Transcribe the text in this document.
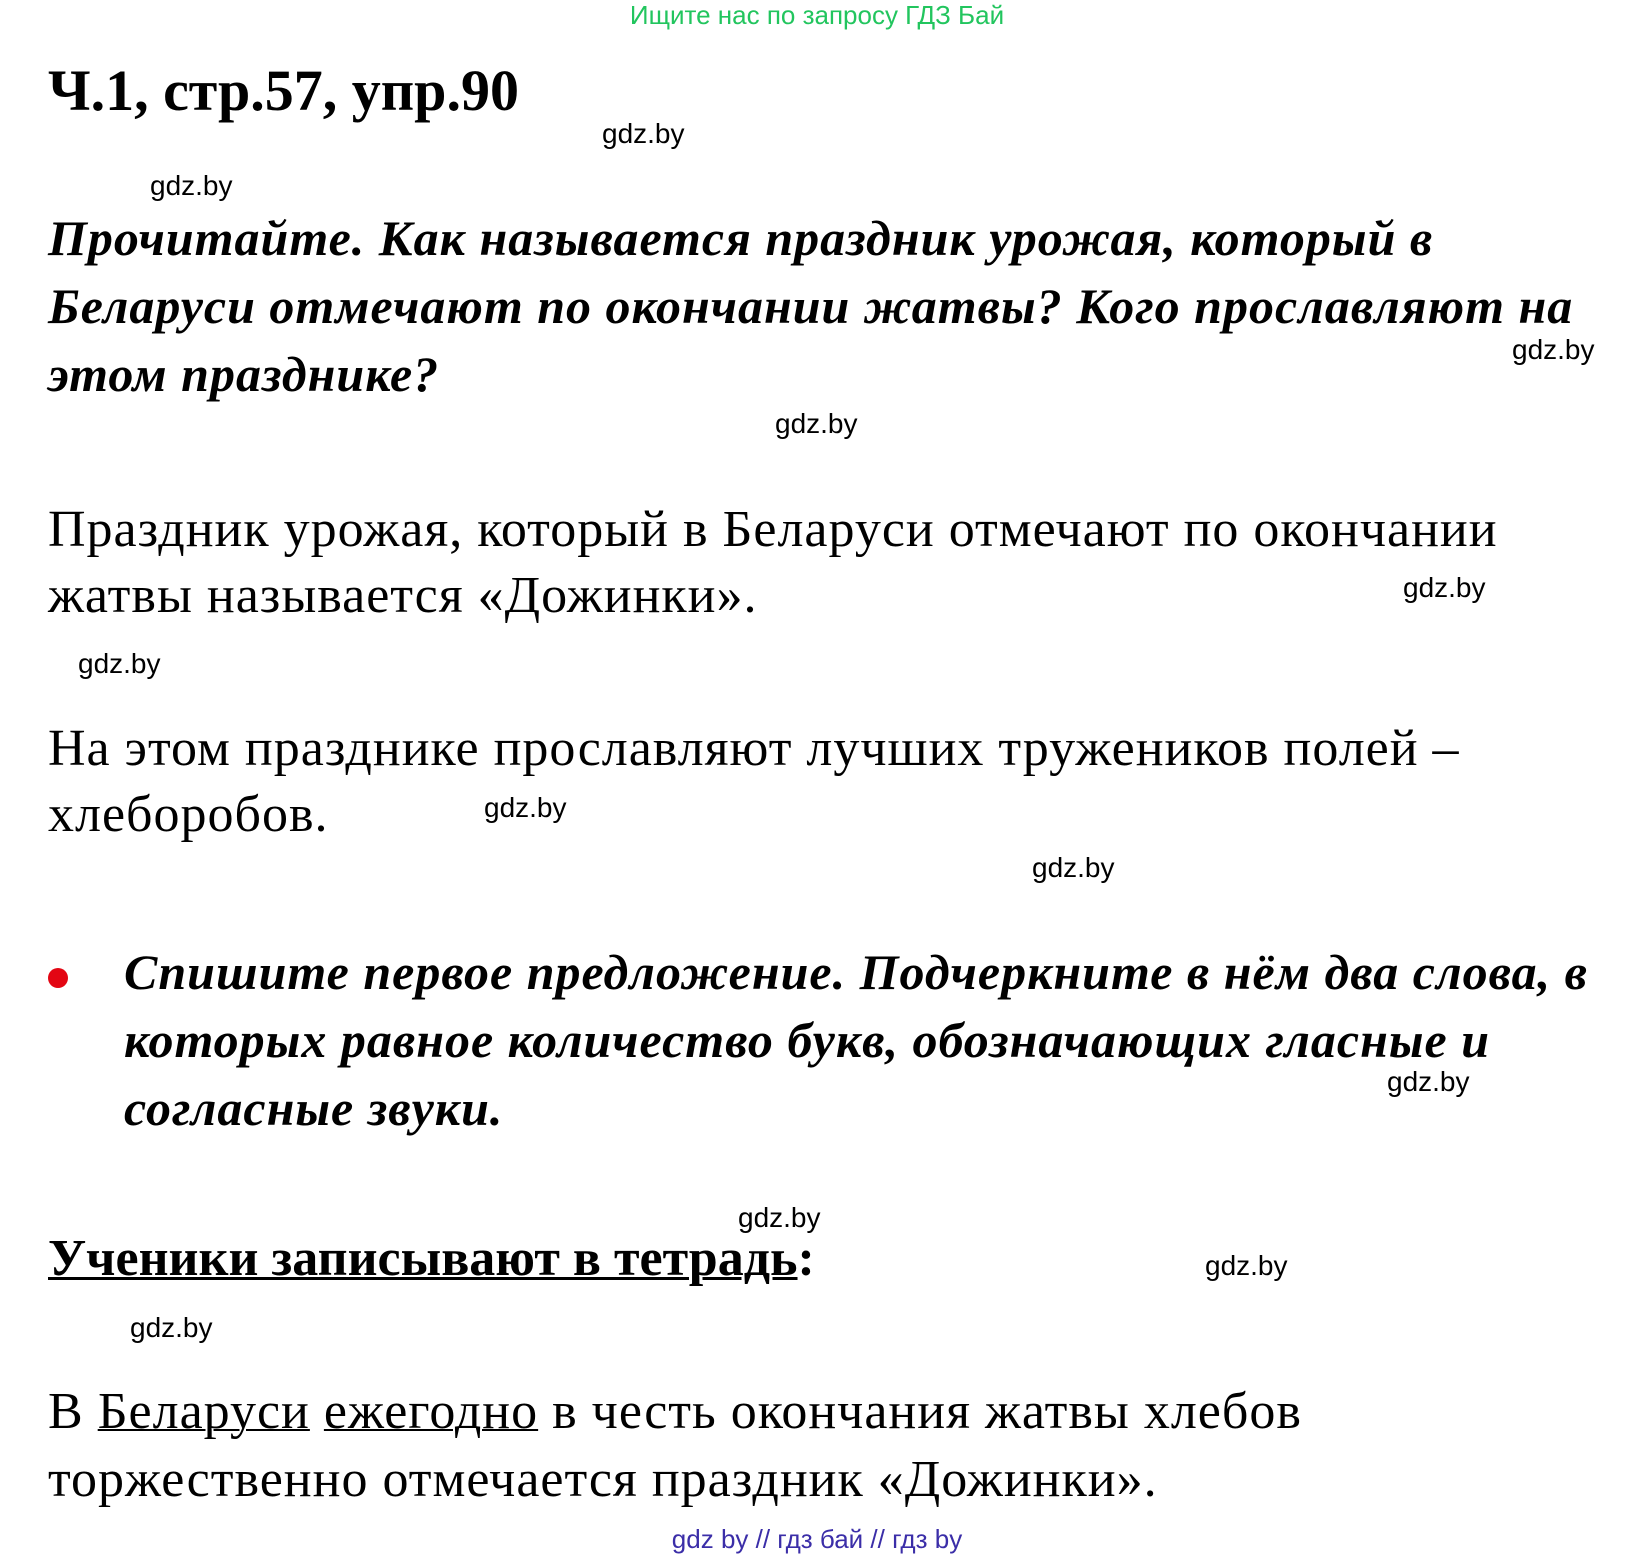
Ищите нас по запросу ГДЗ Бай
Ч.1, стр.57, упр.90
Прочитайте. Как называется праздник урожая, который в Беларуси отмечают по окончании жатвы? Кого прославляют на этом празднике?
Праздник урожая, который в Беларуси отмечают по окончании жатвы называется «Дожинки».
На этом празднике прославляют лучших тружеников полей – хлеборобов.
Спишите первое предложение. Подчеркните в нём два слова, в которых равное количество букв, обозначающих гласные и согласные звуки.
Ученики записывают в тетрадь:
В Беларуси ежегодно в честь окончания жатвы хлебов торжественно отмечается праздник «Дожинки».
gdz.by
gdz.by
gdz.by
gdz.by
gdz.by
gdz.by
gdz.by
gdz.by
gdz.by
gdz.by
gdz.by
gdz.by
gdz by // гдз бай // гдз by
